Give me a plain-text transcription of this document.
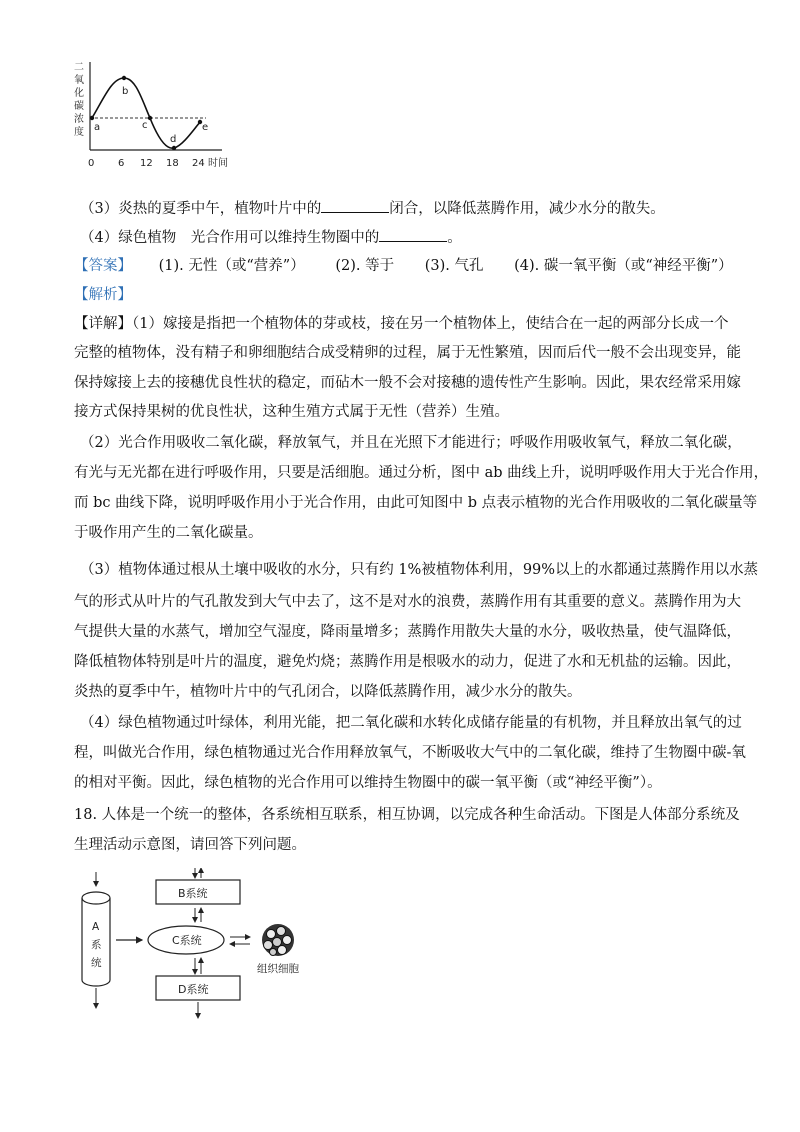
二
氧
化
碳
浓
度 a
b
c
d
e
0 6 12 18 24 时间
（3）炎热的夏季中午，植物叶片中的	闭合，以降低蒸腾作用，减少水分的散失。
（4）绿色植物　光合作用可以维持生物圈中的	。
【答案】 (1). 无性（或“营养”） (2). 等于 (3). 气孔 (4). 碳一氧平衡（或“神经平衡”）
【解析】
【详解】（1）嫁接是指把一个植物体的芽或枝，接在另一个植物体上，使结合在一起的两部分长成一个
完整的植物体，没有精子和卵细胞结合成受精卵的过程，属于无性繁殖，因而后代一般不会出现变异，能
保持嫁接上去的接穗优良性状的稳定，而砧木一般不会对接穗的遗传性产生影响。因此，果农经常采用嫁
接方式保持果树的优良性状，这种生殖方式属于无性（营养）生殖。
（2）光合作用吸收二氧化碳，释放氧气，并且在光照下才能进行；呼吸作用吸收氧气，释放二氧化碳，
有光与无光都在进行呼吸作用，只要是活细胞。通过分析，图中 ab 曲线上升，说明呼吸作用大于光合作用，
而 bc 曲线下降，说明呼吸作用小于光合作用，由此可知图中 b 点表示植物的光合作用吸收的二氧化碳量等
于吸作用产生的二氧化碳量。
（3）植物体通过根从土壤中吸收的水分，只有约 1%被植物体利用，99%以上的水都通过蒸腾作用以水蒸
气的形式从叶片的气孔散发到大气中去了，这不是对水的浪费，蒸腾作用有其重要的意义。蒸腾作用为大
气提供大量的水蒸气，增加空气湿度，降雨量增多；蒸腾作用散失大量的水分，吸收热量，使气温降低，
降低植物体特别是叶片的温度，避免灼烧；蒸腾作用是根吸水的动力，促进了水和无机盐的运输。因此，
炎热的夏季中午，植物叶片中的气孔闭合，以降低蒸腾作用，减少水分的散失。
（4）绿色植物通过叶绿体，利用光能，把二氧化碳和水转化成储存能量的有机物，并且释放出氧气的过
程，叫做光合作用，绿色植物通过光合作用释放氧气，不断吸收大气中的二氧化碳，维持了生物圈中碳-氧
的相对平衡。因此，绿色植物的光合作用可以维持生物圈中的碳一氧平衡（或“神经平衡”）。
18. 人体是一个统一的整体，各系统相互联系，相互协调，以完成各种生命活动。下图是人体部分系统及
生理活动示意图，请回答下列问题。
A
系
统
B系统
C系统
组织细胞
D系统
